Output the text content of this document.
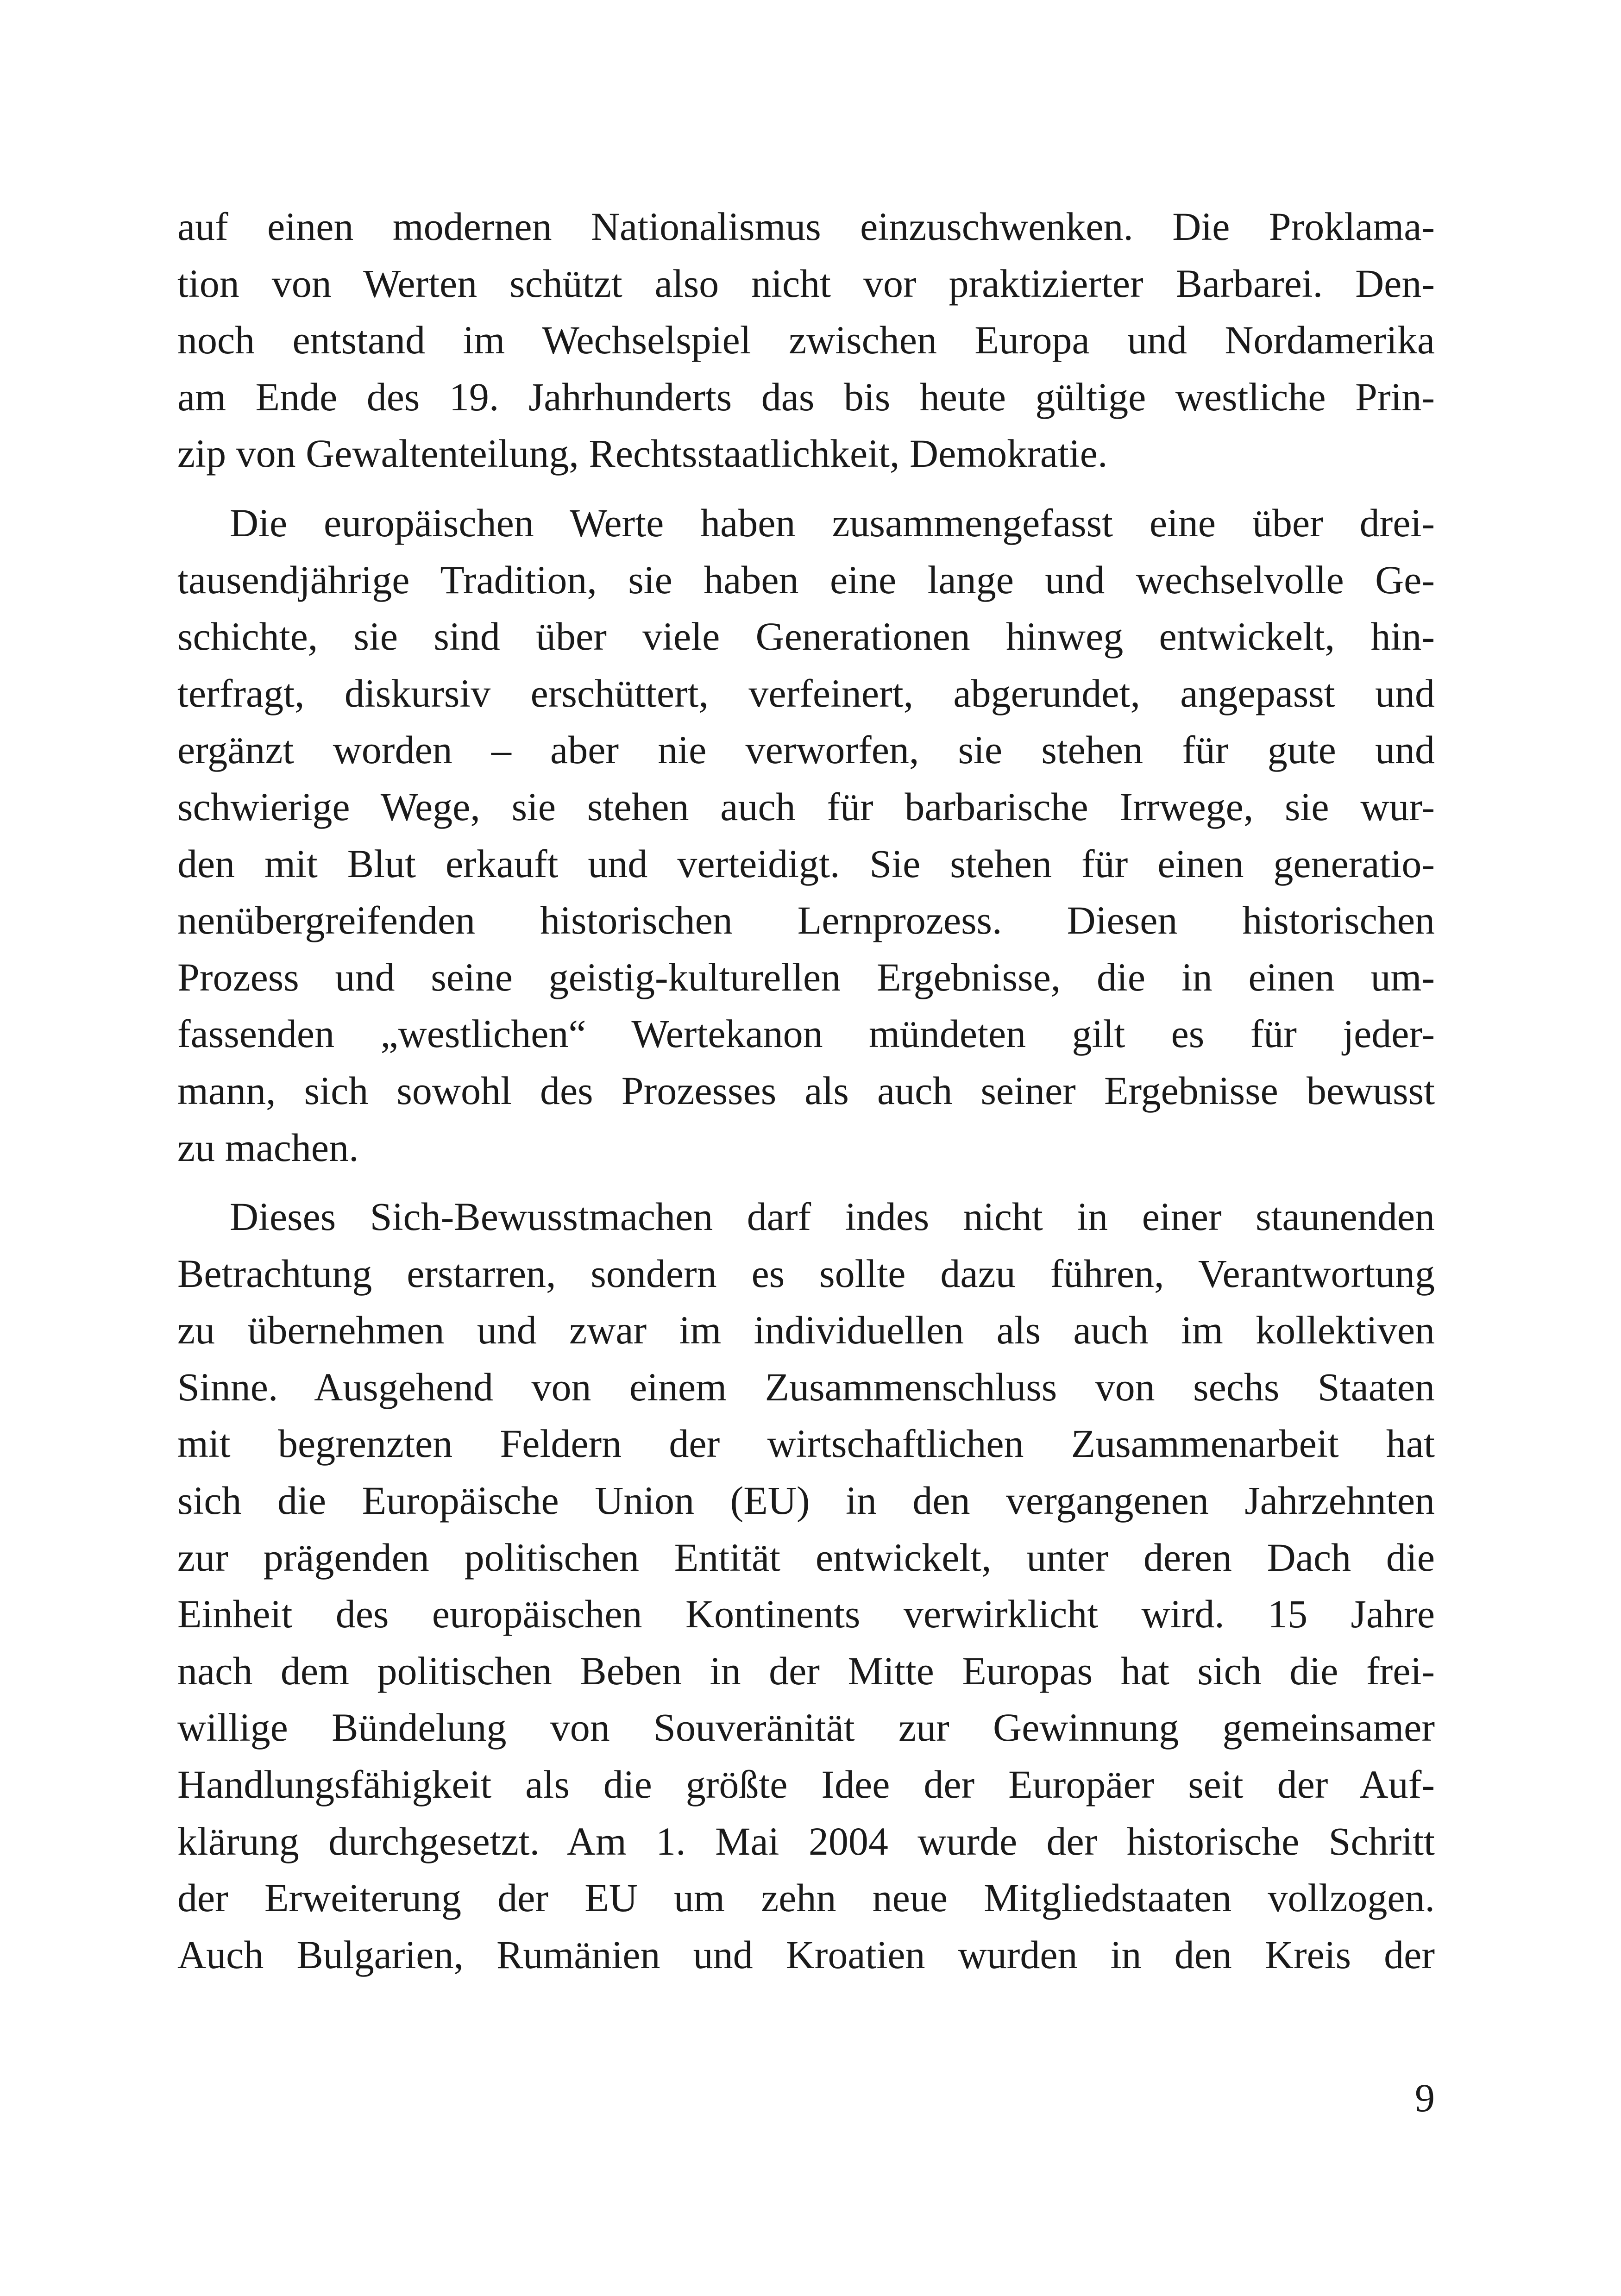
auf einen modernen Nationalismus einzuschwenken. Die Proklama-
tion von Werten schützt also nicht vor praktizierter Barbarei. Den-
noch entstand im Wechselspiel zwischen Europa und Nordamerika
am Ende des 19. Jahrhunderts das bis heute gültige westliche Prin-
zip von Gewaltenteilung, Rechtsstaatlichkeit, Demokratie.
Die europäischen Werte haben zusammengefasst eine über drei-
tausendjährige Tradition, sie haben eine lange und wechselvolle Ge-
schichte, sie sind über viele Generationen hinweg entwickelt, hin-
terfragt, diskursiv erschüttert, verfeinert, abgerundet, angepasst und
ergänzt worden – aber nie verworfen, sie stehen für gute und
schwierige Wege, sie stehen auch für barbarische Irrwege, sie wur-
den mit Blut erkauft und verteidigt. Sie stehen für einen generatio-
nenübergreifenden historischen Lernprozess. Diesen historischen
Prozess und seine geistig-kulturellen Ergebnisse, die in einen um-
fassenden „westlichen“ Wertekanon mündeten gilt es für jeder-
mann, sich sowohl des Prozesses als auch seiner Ergebnisse bewusst
zu machen.
Dieses Sich-Bewusstmachen darf indes nicht in einer staunenden
Betrachtung erstarren, sondern es sollte dazu führen, Verantwortung
zu übernehmen und zwar im individuellen als auch im kollektiven
Sinne. Ausgehend von einem Zusammenschluss von sechs Staaten
mit begrenzten Feldern der wirtschaftlichen Zusammenarbeit hat
sich die Europäische Union (EU) in den vergangenen Jahrzehnten
zur prägenden politischen Entität entwickelt, unter deren Dach die
Einheit des europäischen Kontinents verwirklicht wird. 15 Jahre
nach dem politischen Beben in der Mitte Europas hat sich die frei-
willige Bündelung von Souveränität zur Gewinnung gemeinsamer
Handlungsfähigkeit als die größte Idee der Europäer seit der Auf-
klärung durchgesetzt. Am 1. Mai 2004 wurde der historische Schritt
der Erweiterung der EU um zehn neue Mitgliedstaaten vollzogen.
Auch Bulgarien, Rumänien und Kroatien wurden in den Kreis der
9
